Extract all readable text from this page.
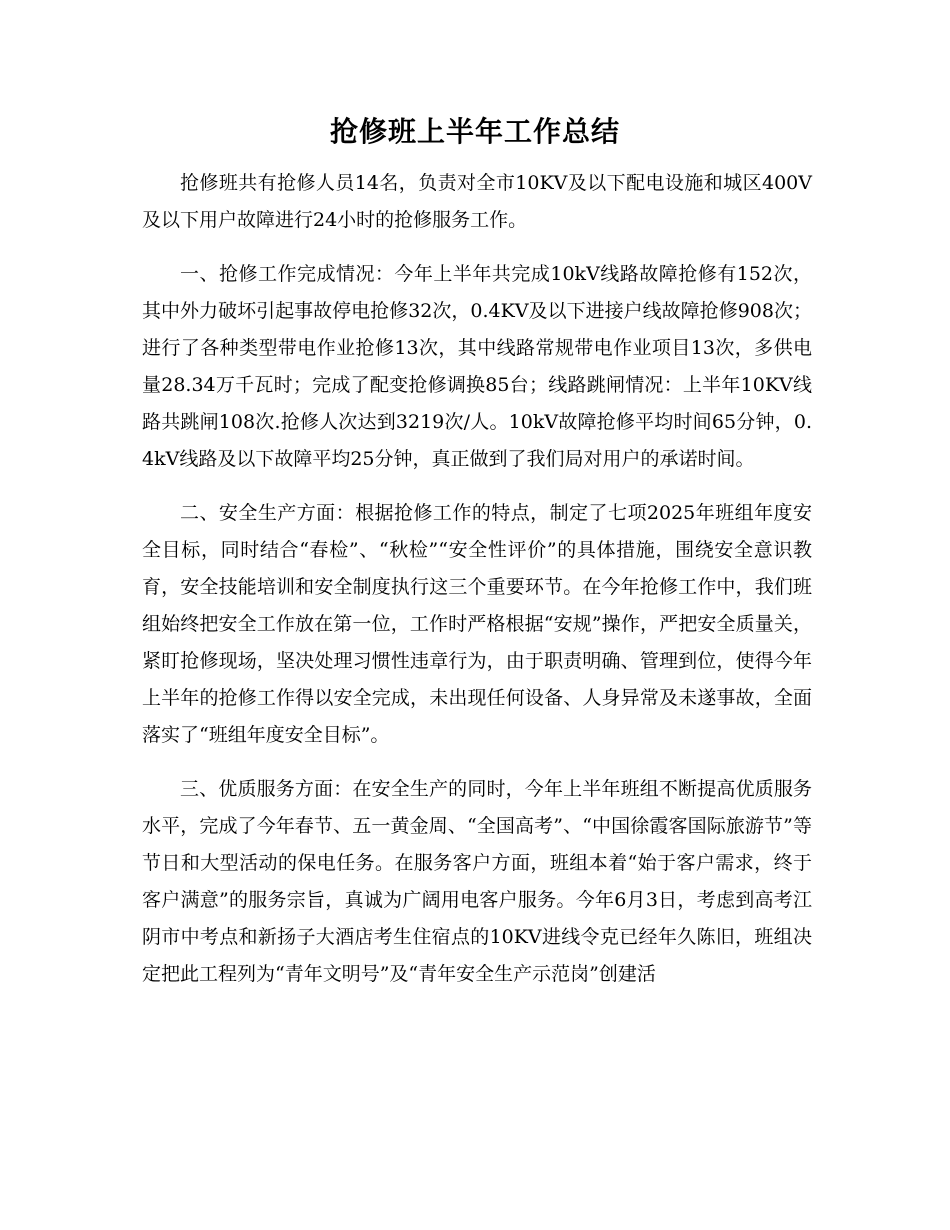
抢修班上半年工作总结

抢修班共有抢修人员14名，负责对全市10KV及以下配电设施和城区400V及以下用户故障进行24小时的抢修服务工作。

一、抢修工作完成情况：今年上半年共完成10kV线路故障抢修有152次，其中外力破坏引起事故停电抢修32次，0.4KV及以下进接户线故障抢修908次；进行了各种类型带电作业抢修13次，其中线路常规带电作业项目13次，多供电量28.34万千瓦时；完成了配变抢修调换85台；线路跳闸情况：上半年10KV线路共跳闸108次.抢修人次达到3219次/人。10kV故障抢修平均时间65分钟，0.4kV线路及以下故障平均25分钟，真正做到了我们局对用户的承诺时间。

二、安全生产方面：根据抢修工作的特点，制定了七项2025年班组年度安全目标，同时结合“春检”、“秋检”“安全性评价”的具体措施，围绕安全意识教育，安全技能培训和安全制度执行这三个重要环节。在今年抢修工作中，我们班组始终把安全工作放在第一位，工作时严格根据“安规”操作，严把安全质量关，紧盯抢修现场，坚决处理习惯性违章行为，由于职责明确、管理到位，使得今年上半年的抢修工作得以安全完成，未出现任何设备、人身异常及未遂事故，全面落实了“班组年度安全目标”。

三、优质服务方面：在安全生产的同时，今年上半年班组不断提高优质服务水平，完成了今年春节、五一黄金周、“全国高考”、“中国徐霞客国际旅游节”等节日和大型活动的保电任务。在服务客户方面，班组本着“始于客户需求，终于客户满意”的服务宗旨，真诚为广阔用电客户服务。今年6月3日，考虑到高考江阴市中考点和新扬子大酒店考生住宿点的10KV进线令克已经年久陈旧，班组决定把此工程列为“青年文明号”及“青年安全生产示范岗”创建活
